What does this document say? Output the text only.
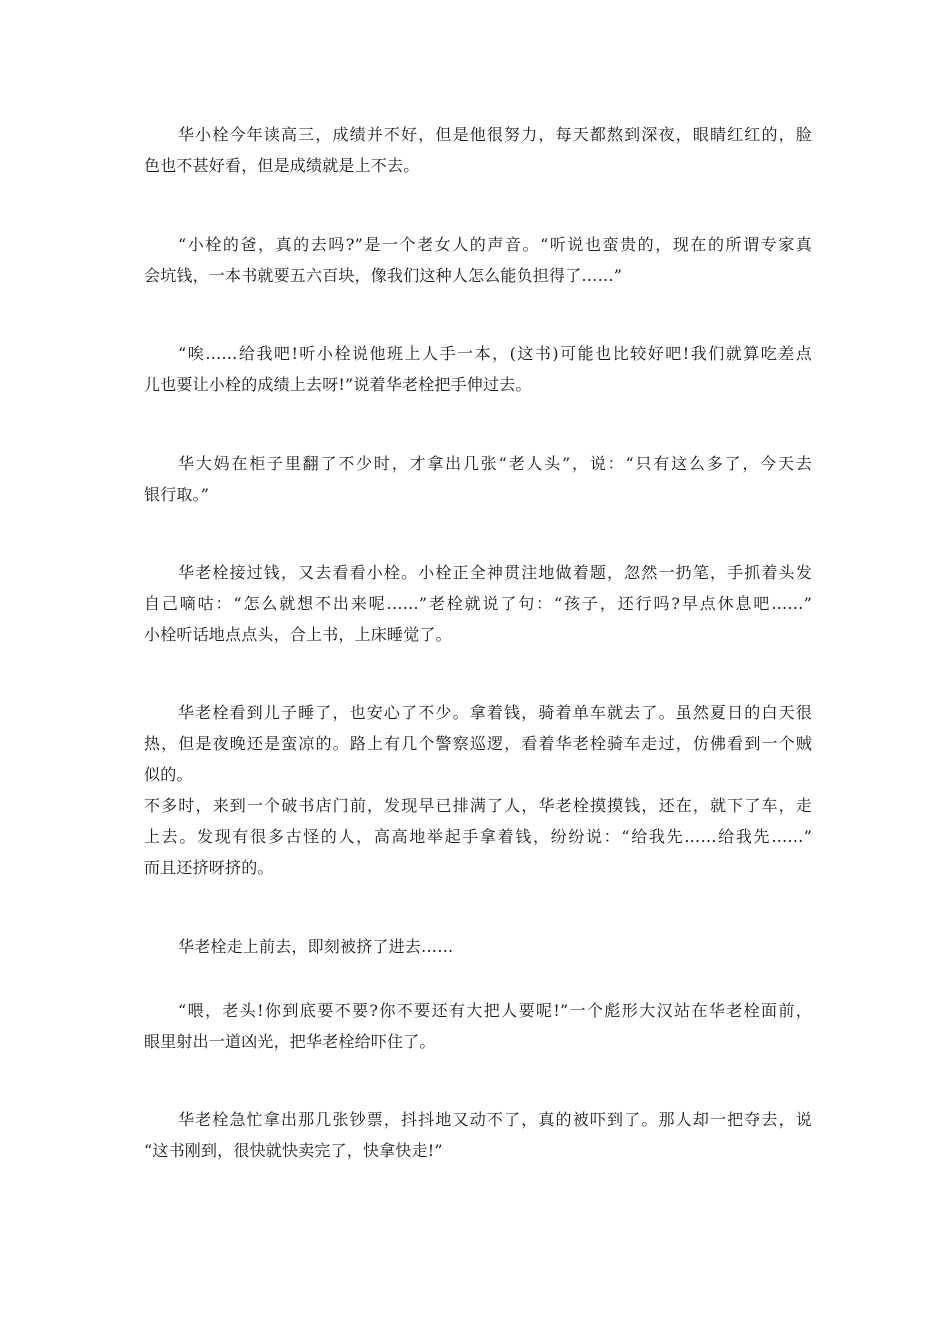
华小栓今年读高三，成绩并不好，但是他很努力，每天都熬到深夜，眼睛红红的，脸
色也不甚好看，但是成绩就是上不去。
“小栓的爸，真的去吗?”是一个老女人的声音。“听说也蛮贵的，现在的所谓专家真
会坑钱，一本书就要五六百块，像我们这种人怎么能负担得了……”
“唉……给我吧!听小栓说他班上人手一本，(这书)可能也比较好吧!我们就算吃差点
儿也要让小栓的成绩上去呀!”说着华老栓把手伸过去。
华大妈在柜子里翻了不少时，才拿出几张“老人头”，说：“只有这么多了，今天去
银行取。”
华老栓接过钱，又去看看小栓。小栓正全神贯注地做着题，忽然一扔笔，手抓着头发
自己嘀咕：“怎么就想不出来呢……”老栓就说了句：“孩子，还行吗?早点休息吧……”
小栓听话地点点头，合上书，上床睡觉了。
华老栓看到儿子睡了，也安心了不少。拿着钱，骑着单车就去了。虽然夏日的白天很
热，但是夜晚还是蛮凉的。路上有几个警察巡逻，看着华老栓骑车走过，仿佛看到一个贼
似的。
不多时，来到一个破书店门前，发现早已排满了人，华老栓摸摸钱，还在，就下了车，走
上去。发现有很多古怪的人，高高地举起手拿着钱，纷纷说：“给我先……给我先……”
而且还挤呀挤的。
华老栓走上前去，即刻被挤了进去……
“喂，老头!你到底要不要?你不要还有大把人要呢!”一个彪形大汉站在华老栓面前，
眼里射出一道凶光，把华老栓给吓住了。
华老栓急忙拿出那几张钞票，抖抖地又动不了，真的被吓到了。那人却一把夺去，说
“这书刚到，很快就快卖完了，快拿快走!”
